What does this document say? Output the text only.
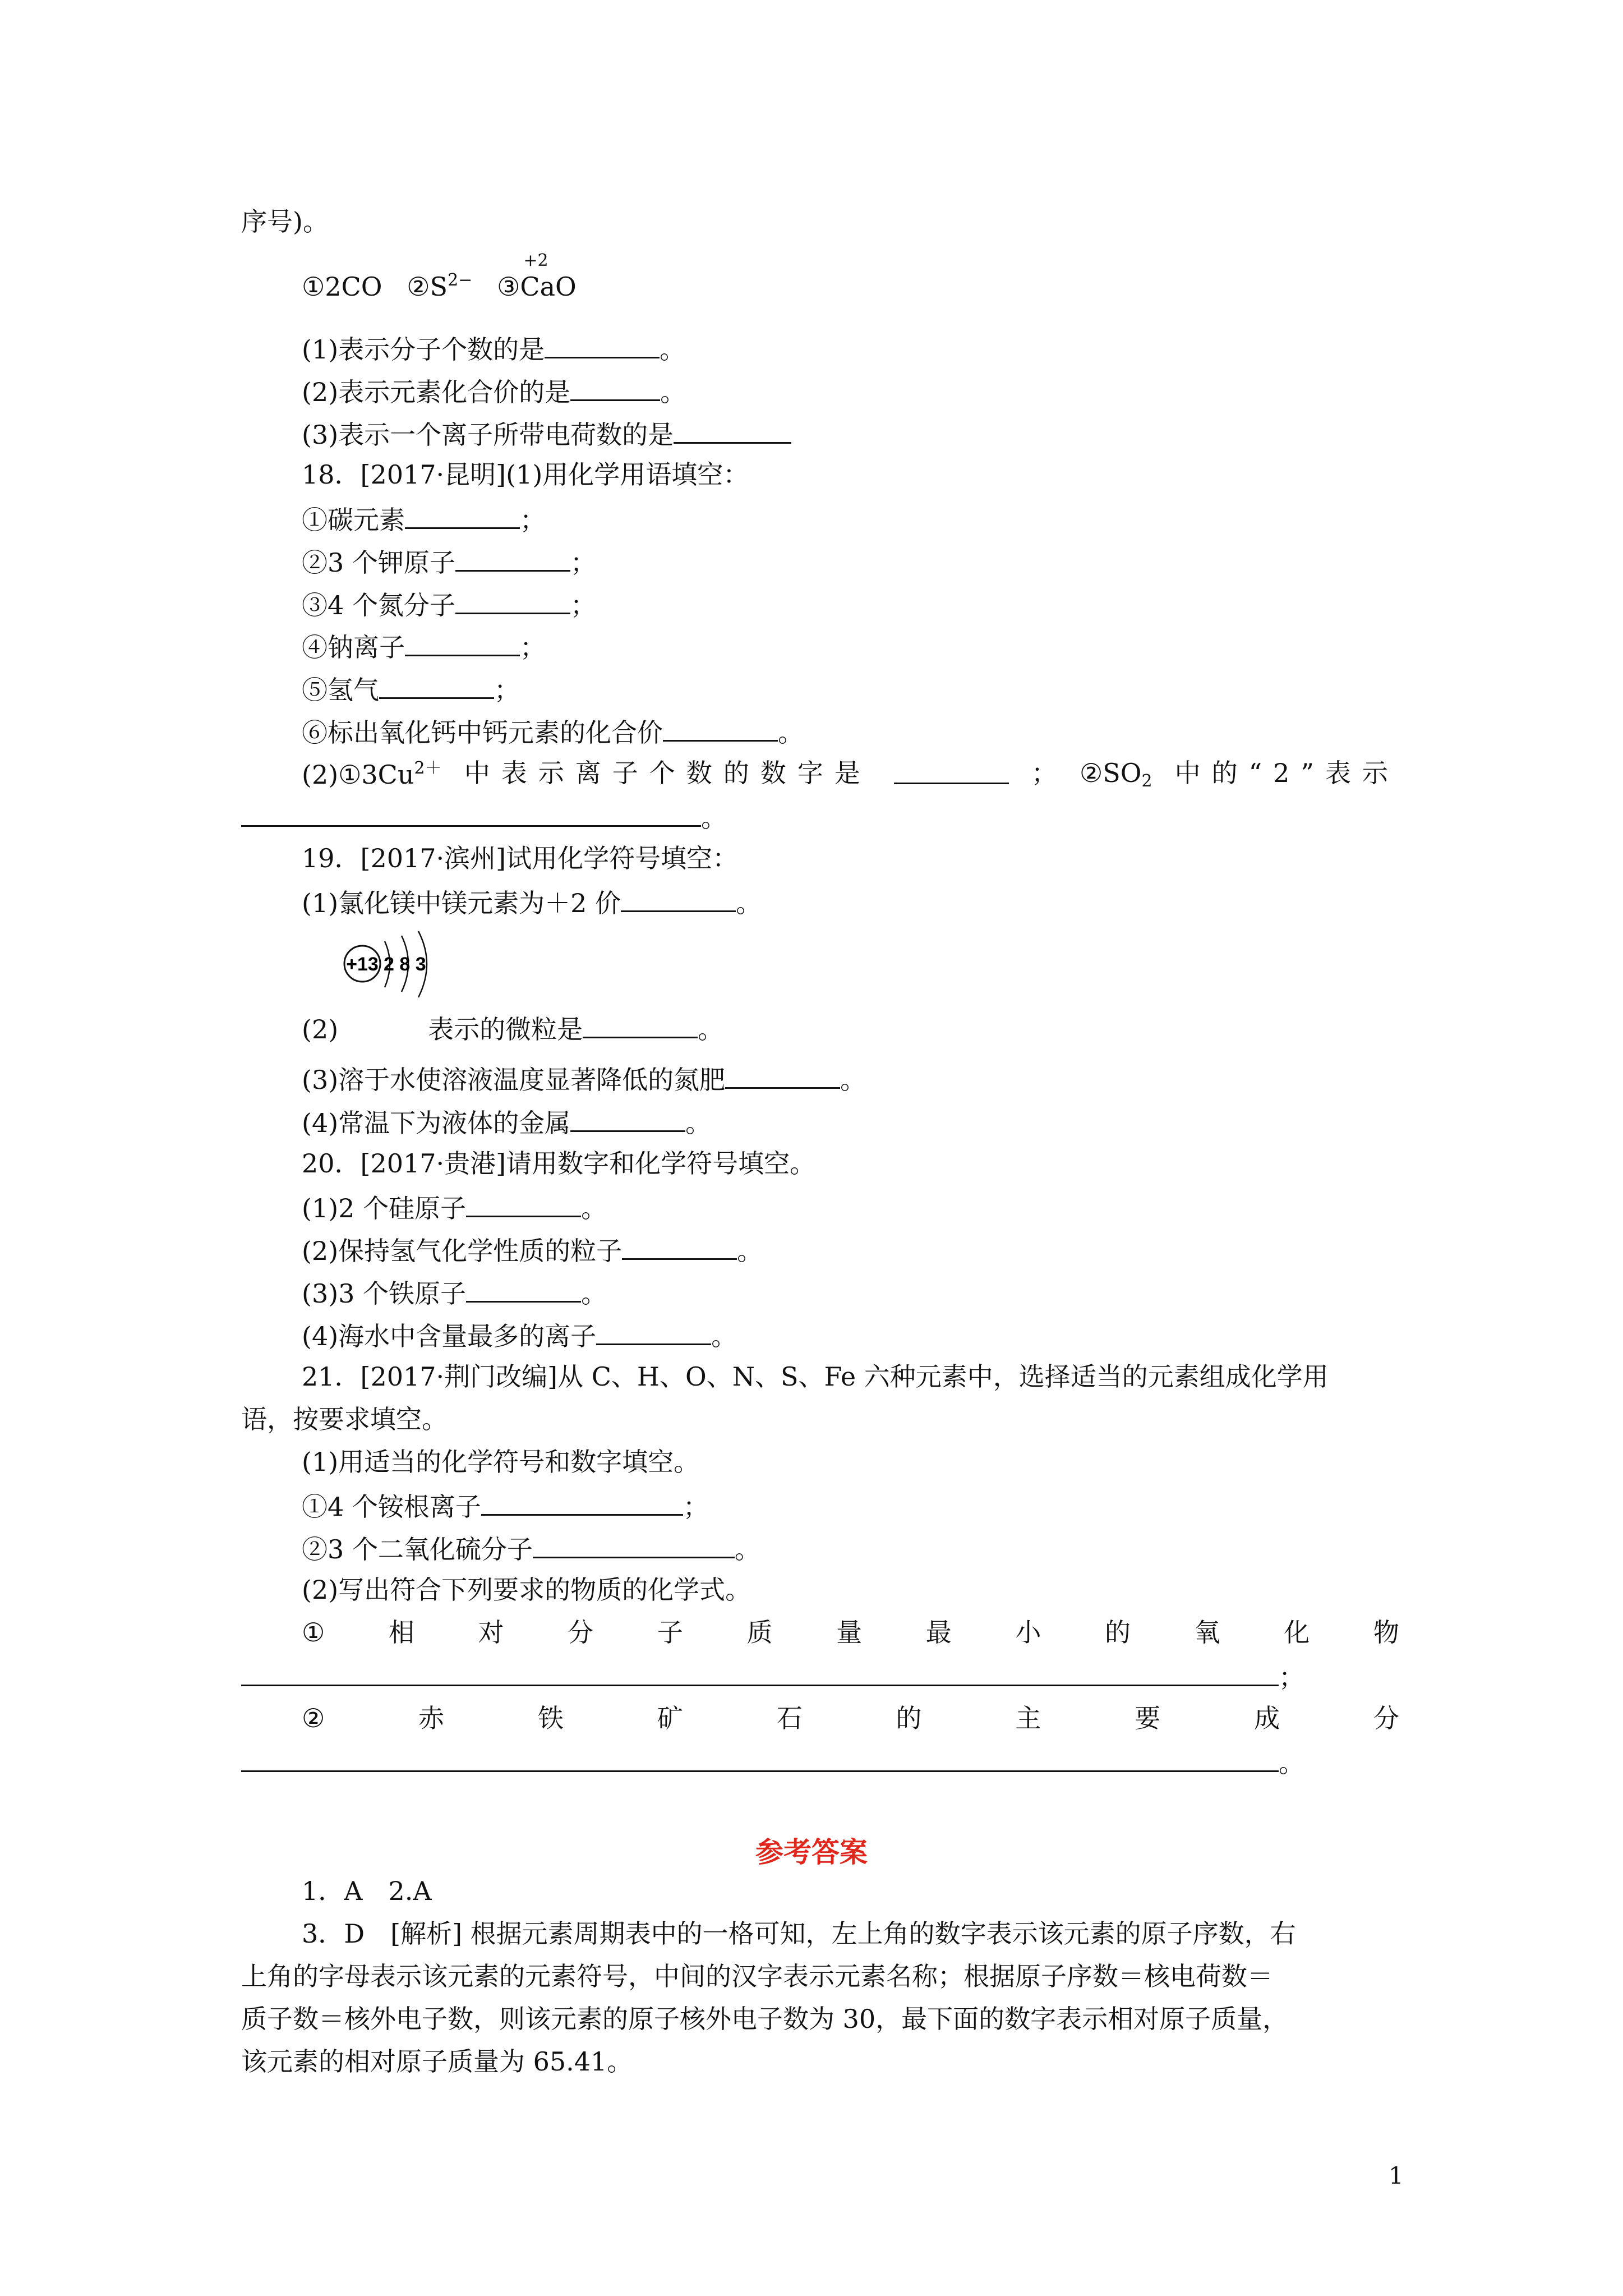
序号)。
①2CO $②S^{2-}$ ③
+2
CaO
(1)表示分子个数的是	。
(2)表示元素化合价的是	。
(3)表示一个离子所带电荷数的是
18．[2017·昆明](1)用化学用语填空：
①碳元素	；
②3 个钾原子	；
③4 个氮分子	；
④钠离子	；
⑤氢气	；
⑥标出氧化钙中钙元素的化合价	。
$(2)①3Cu^{2+}$ 中表示离子个数的数字是	； $②SO_2$ 中的“2”表示
。
19．[2017·滨州]试用化学符号填空：
(1)氯化镁中镁元素为＋2 价	。
+13 2 8 3
(2)	表示的微粒是	。
(3)溶于水使溶液温度显著降低的氮肥	。
(4)常温下为液体的金属	。
20．[2017·贵港]请用数字和化学符号填空。
(1)2 个硅原子	。
(2)保持氢气化学性质的粒子	。
(3)3 个铁原子	。
(4)海水中含量最多的离子	。
21．[2017·荆门改编]从 C、H、O、N、S、Fe 六种元素中，选择适当的元素组成化学用
语，按要求填空。
(1)用适当的化学符号和数字填空。
①4 个铵根离子	；
②3 个二氧化硫分子	。
(2)写出符合下列要求的物质的化学式。
① 相 对 分 子 质 量 最 小 的 氧 化 物
；
②	赤	铁	矿	石	的	主	要	成	分
。
参考答案
1．A　2.A
3．D　[解析] 根据元素周期表中的一格可知，左上角的数字表示该元素的原子序数，右
上角的字母表示该元素的元素符号，中间的汉字表示元素名称；根据原子序数＝核电荷数＝
质子数＝核外电子数，则该元素的原子核外电子数为 30，最下面的数字表示相对原子质量，
该元素的相对原子质量为 65.41。
1
